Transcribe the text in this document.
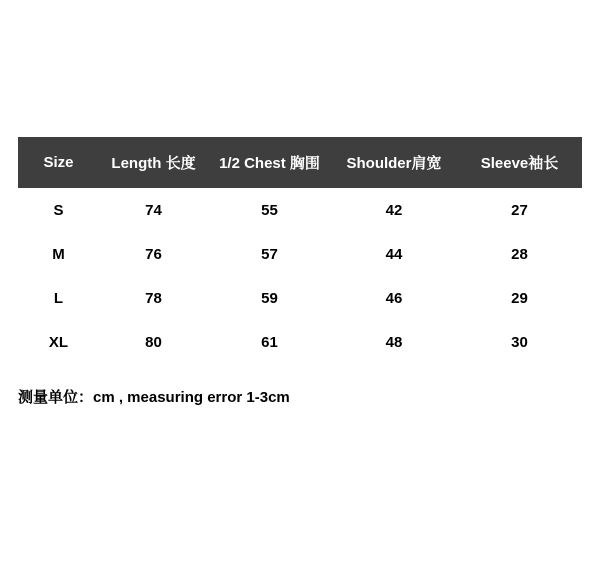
Size	Length 长度	1/2 Chest 胸围	Shoulder肩宽	Sleeve袖长
S	74	55	42	27
M	76	57	44	28
L	78	59	46	29
XL	80	61	48	30
测量单位：cm , measuring error 1-3cm
